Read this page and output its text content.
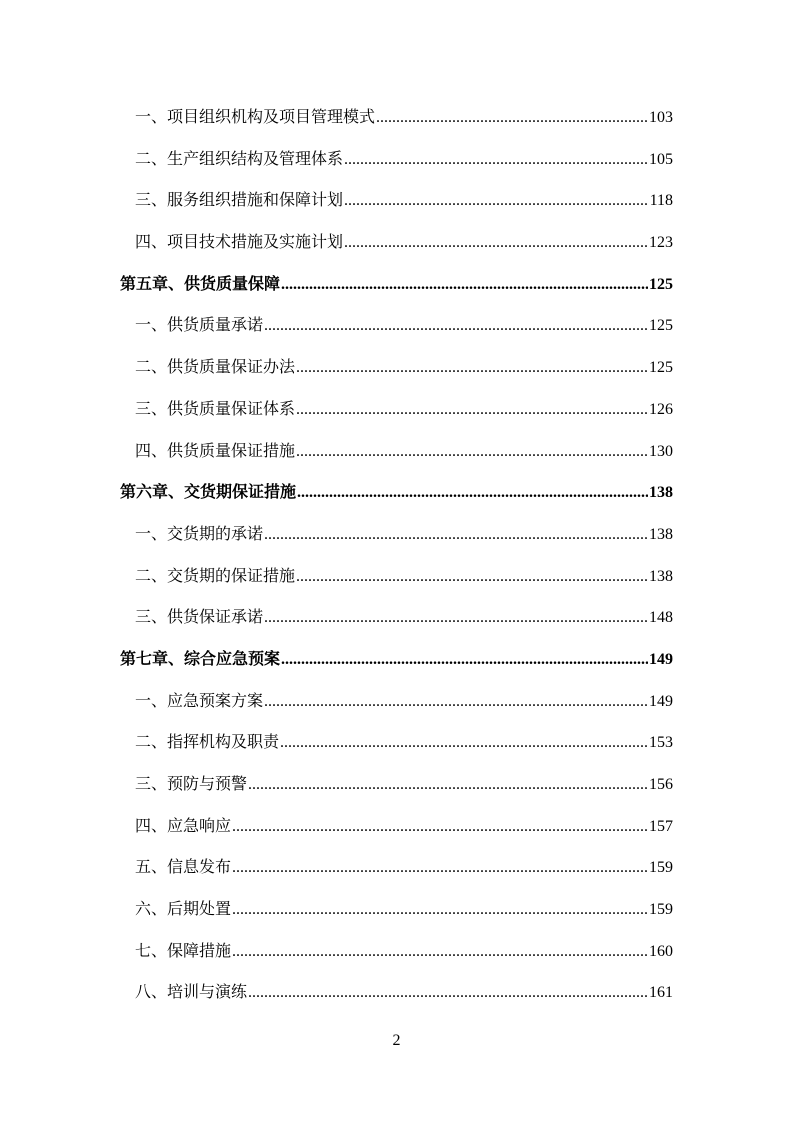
一、项目组织机构及项目管理模式 .....	103
二、生产组织结构及管理体系 .....	105
三、服务组织措施和保障计划 .....	118
四、项目技术措施及实施计划 .....	123
第五章、供货质量保障 .....	125
一、供货质量承诺 .....	125
二、供货质量保证办法 .....	125
三、供货质量保证体系 .....	126
四、供货质量保证措施 .....	130
第六章、交货期保证措施 .....	138
一、交货期的承诺 .....	138
二、交货期的保证措施 .....	138
三、供货保证承诺 .....	148
第七章、综合应急预案 .....	149
一、应急预案方案 .....	149
二、指挥机构及职责 .....	153
三、预防与预警 .....	156
四、应急响应 .....	157
五、信息发布 .....	159
六、后期处置 .....	159
七、保障措施 .....	160
八、培训与演练 .....	161
2
